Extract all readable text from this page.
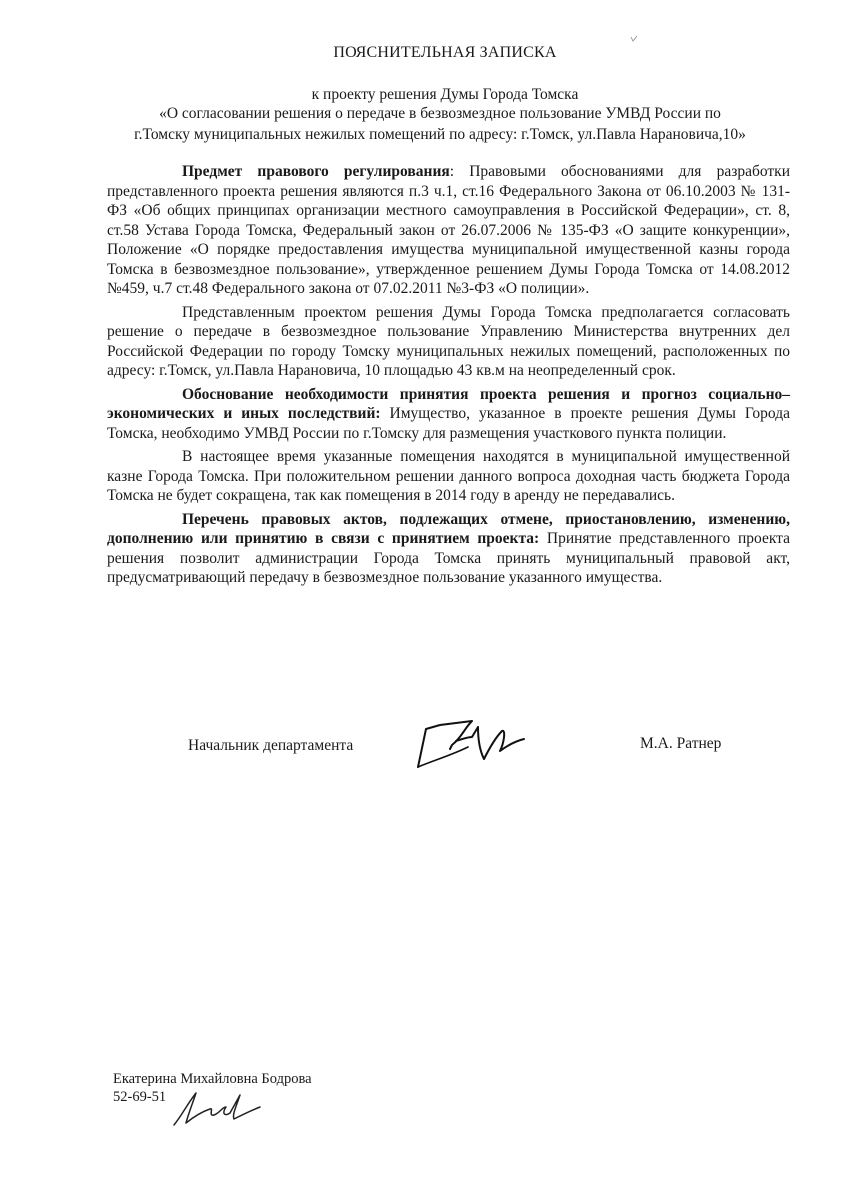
ПОЯСНИТЕЛЬНАЯ ЗАПИСКА
к проекту решения Думы Города Томска
«О согласовании решения о передаче в безвозмездное пользование УМВД России по
г.Томску муниципальных нежилых помещений по адресу: г.Томск, ул.Павла Нарановича,10»

Предмет правового регулирования: Правовыми обоснованиями для разработки представленного проекта решения являются п.3 ч.1, ст.16 Федерального Закона от 06.10.2003 № 131-ФЗ «Об общих принципах организации местного самоуправления в Российской Федерации», ст. 8, ст.58 Устава Города Томска, Федеральный закон от 26.07.2006 № 135-ФЗ «О защите конкуренции», Положение «О порядке предоставления имущества муниципальной имущественной казны города Томска в безвозмездное пользование», утвержденное решением Думы Города Томска от 14.08.2012 №459, ч.7 ст.48 Федерального закона от 07.02.2011 №3-ФЗ «О полиции».

Представленным проектом решения Думы Города Томска предполагается согласовать решение о передаче в безвозмездное пользование Управлению Министерства внутренних дел Российской Федерации по городу Томску муниципальных нежилых помещений, расположенных по адресу: г.Томск, ул.Павла Нарановича, 10 площадью 43 кв.м на неопределенный срок.

Обоснование необходимости принятия проекта решения и прогноз социально–экономических и иных последствий: Имущество, указанное в проекте решения Думы Города Томска, необходимо УМВД России по г.Томску для размещения участкового пункта полиции.

В настоящее время указанные помещения находятся в муниципальной имущественной казне Города Томска. При положительном решении данного вопроса доходная часть бюджета Города Томска не будет сокращена, так как помещения в 2014 году в аренду не передавались.

Перечень правовых актов, подлежащих отмене, приостановлению, изменению, дополнению или принятию в связи с принятием проекта: Принятие представленного проекта решения позволит администрации Города Томска принять муниципальный правовой акт, предусматривающий передачу в безвозмездное пользование указанного имущества.

Начальник департамента	М.А. Ратнер
Екатерина Михайловна Бодрова
52-69-51
